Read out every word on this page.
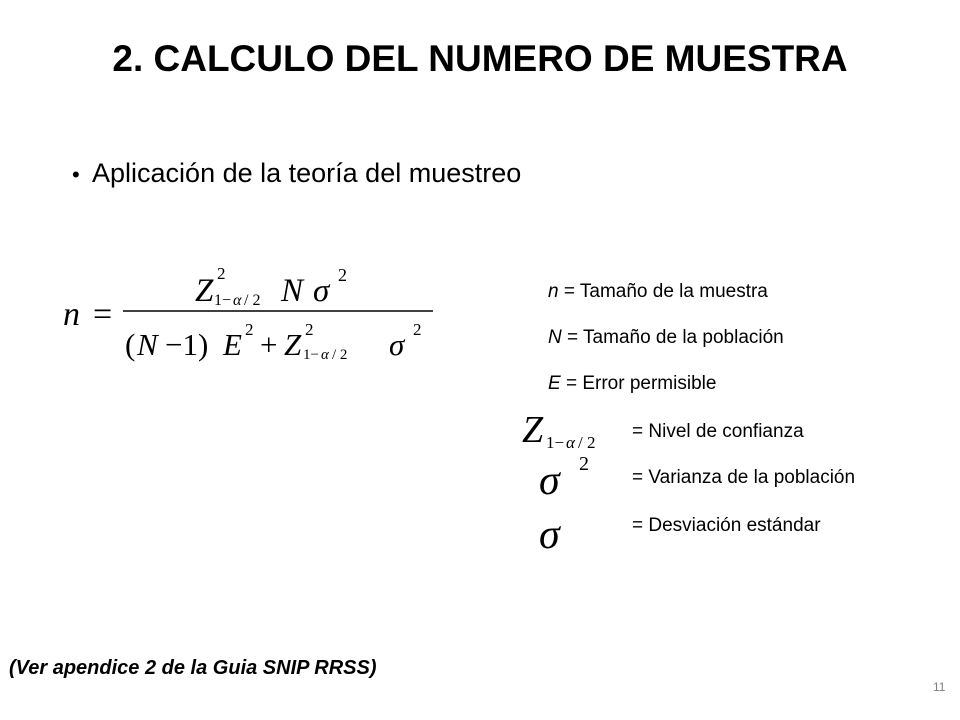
2. CALCULO DEL NUMERO DE MUESTRA
• Aplicación de la teoría del muestreo
n =
Z 2
1− α / 2 N σ 2
( N −1) E 2 + Z 2
1− α / 2 σ 2
n = Tamaño de la muestra
N = Tamaño de la población
E = Error permisible
Z 1− α / 2
= Nivel de confianza
σ 2
= Varianza de la población
σ	= Desviación estándar
(Ver apendice 2 de la Guia SNIP RRSS)
11
